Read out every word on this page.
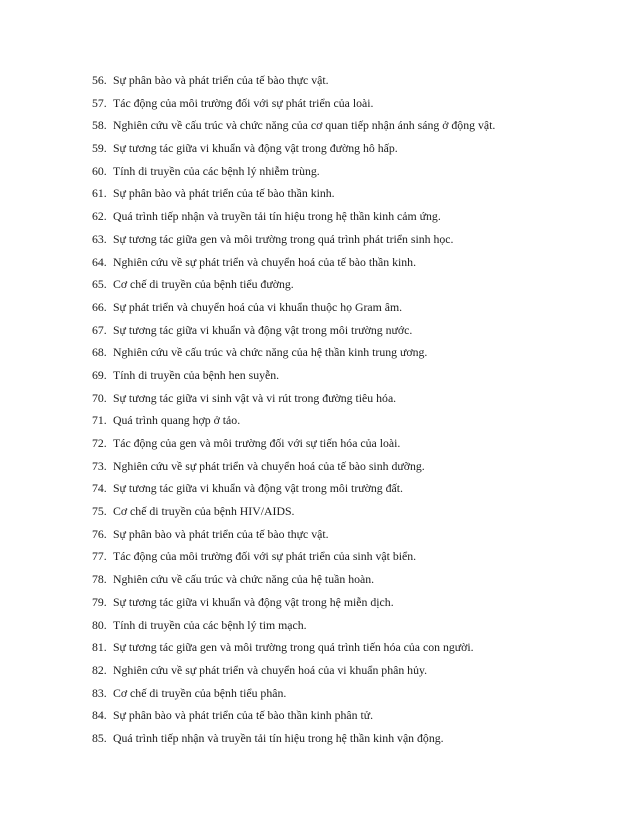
56. Sự phân bào và phát triển của tế bào thực vật.
57. Tác động của môi trường đối với sự phát triển của loài.
58. Nghiên cứu về cấu trúc và chức năng của cơ quan tiếp nhận ánh sáng ở động vật.
59. Sự tương tác giữa vi khuẩn và động vật trong đường hô hấp.
60. Tính di truyền của các bệnh lý nhiễm trùng.
61. Sự phân bào và phát triển của tế bào thần kinh.
62. Quá trình tiếp nhận và truyền tải tín hiệu trong hệ thần kinh cảm ứng.
63. Sự tương tác giữa gen và môi trường trong quá trình phát triển sinh học.
64. Nghiên cứu về sự phát triển và chuyển hoá của tế bào thần kinh.
65. Cơ chế di truyền của bệnh tiểu đường.
66. Sự phát triển và chuyển hoá của vi khuẩn thuộc họ Gram âm.
67. Sự tương tác giữa vi khuẩn và động vật trong môi trường nước.
68. Nghiên cứu về cấu trúc và chức năng của hệ thần kinh trung ương.
69. Tính di truyền của bệnh hen suyễn.
70. Sự tương tác giữa vi sinh vật và vi rút trong đường tiêu hóa.
71. Quá trình quang hợp ở tảo.
72. Tác động của gen và môi trường đối với sự tiến hóa của loài.
73. Nghiên cứu về sự phát triển và chuyển hoá của tế bào sinh dưỡng.
74. Sự tương tác giữa vi khuẩn và động vật trong môi trường đất.
75. Cơ chế di truyền của bệnh HIV/AIDS.
76. Sự phân bào và phát triển của tế bào thực vật.
77. Tác động của môi trường đối với sự phát triển của sinh vật biển.
78. Nghiên cứu về cấu trúc và chức năng của hệ tuần hoàn.
79. Sự tương tác giữa vi khuẩn và động vật trong hệ miễn dịch.
80. Tính di truyền của các bệnh lý tim mạch.
81. Sự tương tác giữa gen và môi trường trong quá trình tiến hóa của con người.
82. Nghiên cứu về sự phát triển và chuyển hoá của vi khuẩn phân hủy.
83. Cơ chế di truyền của bệnh tiểu phân.
84. Sự phân bào và phát triển của tế bào thần kinh phân tử.
85. Quá trình tiếp nhận và truyền tải tín hiệu trong hệ thần kinh vận động.
